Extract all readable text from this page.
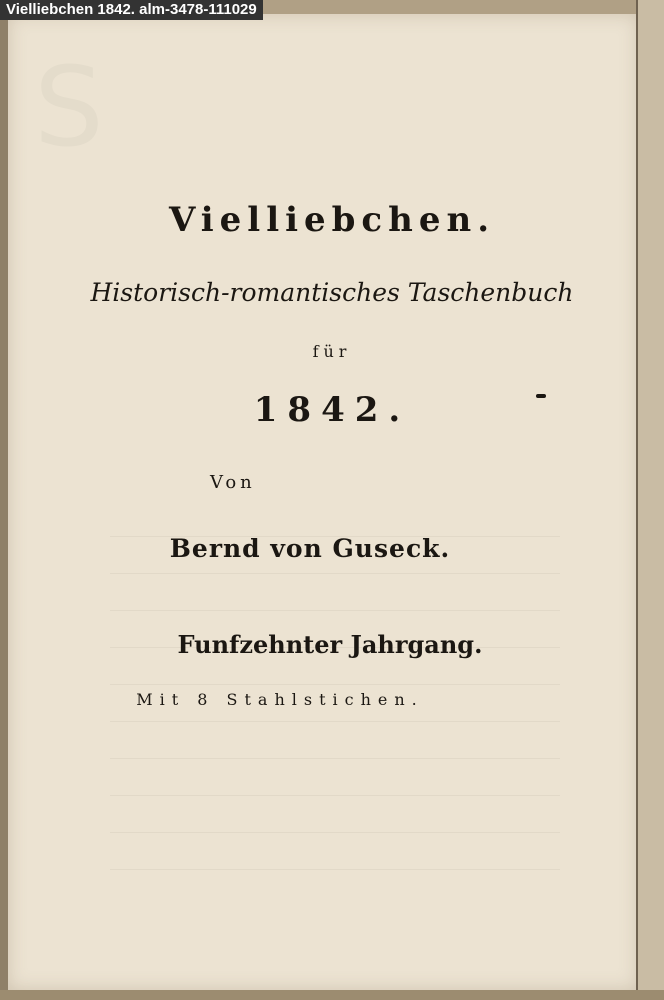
S
Vielliebchen 1842. alm-3478-111029
Vielliebchen.
Historisch-romantisches Taschenbuch
für
1842.
Von
Bernd von Guseck.
Funfzehnter Jahrgang.
Mit 8 Stahlstichen.
